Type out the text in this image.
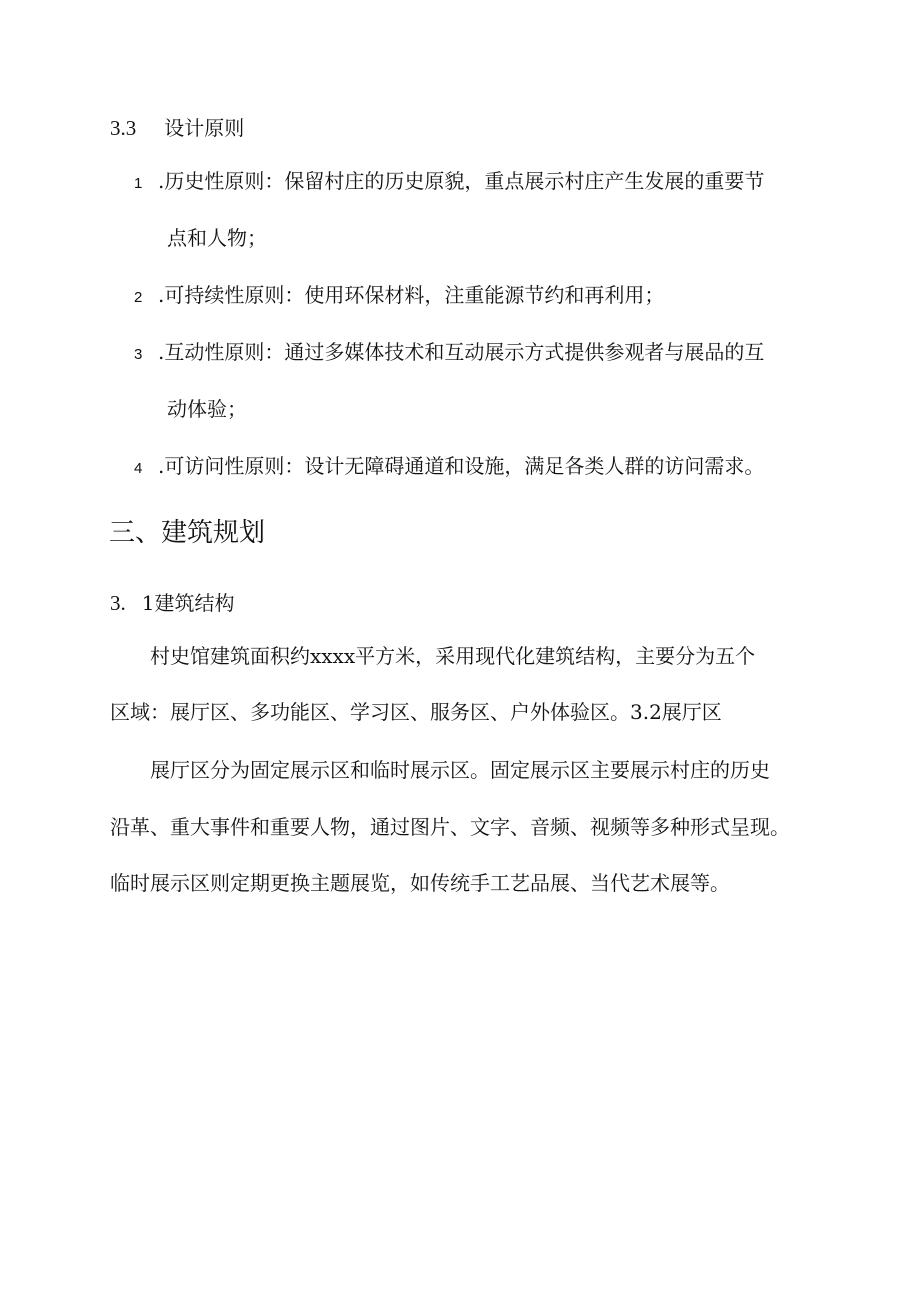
3.3 设计原则
1 .历史性原则：保留村庄的历史原貌，重点展示村庄产生发展的重要节
点和人物；
2 .可持续性原则：使用环保材料，注重能源节约和再利用；
3 .互动性原则：通过多媒体技术和互动展示方式提供参观者与展品的互
动体验；
4 .可访问性原则：设计无障碍通道和设施，满足各类人群的访问需求。
三、建筑规划
3. 1建筑结构
村史馆建筑面积约xxxx平方米，采用现代化建筑结构，主要分为五个
区域：展厅区、多功能区、学习区、服务区、户外体验区。3.2展厅区
展厅区分为固定展示区和临时展示区。固定展示区主要展示村庄的历史
沿革、重大事件和重要人物，通过图片、文字、音频、视频等多种形式呈现。
临时展示区则定期更换主题展览，如传统手工艺品展、当代艺术展等。
